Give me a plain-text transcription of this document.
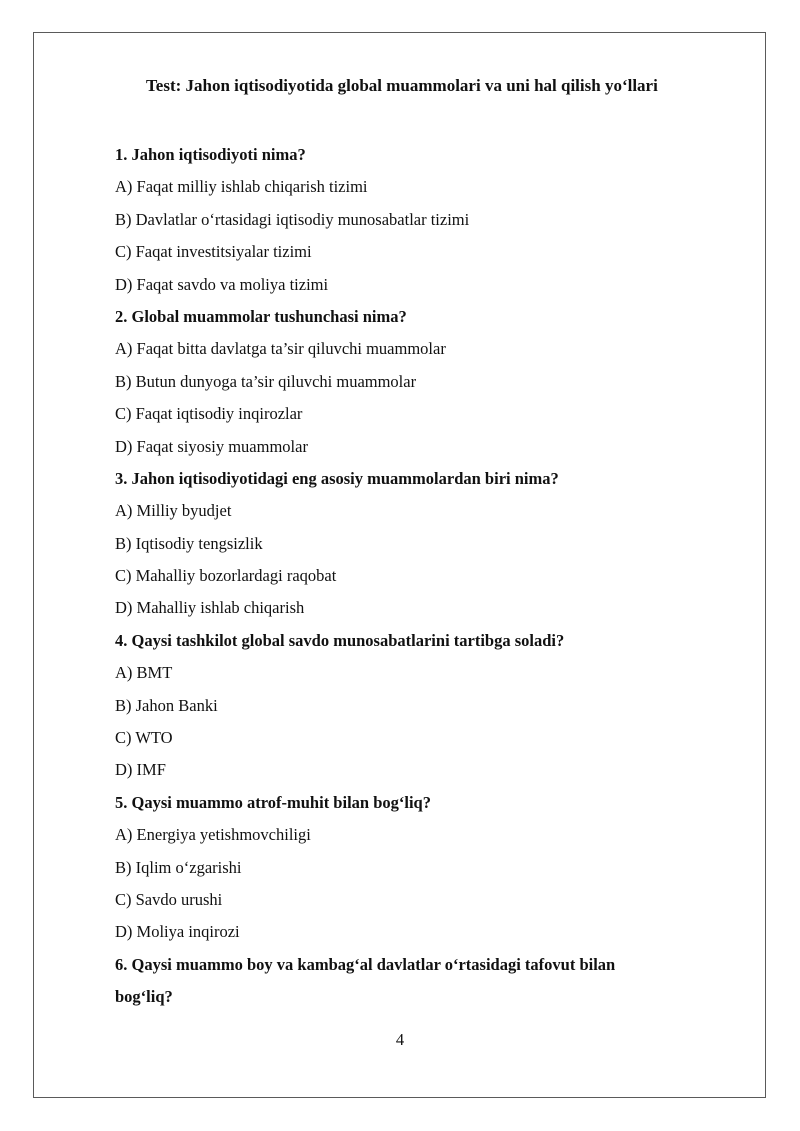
Test: Jahon iqtisodiyotida global muammolari va uni hal qilish yo‘llari
1. Jahon iqtisodiyoti nima?
A) Faqat milliy ishlab chiqarish tizimi
B) Davlatlar o‘rtasidagi iqtisodiy munosabatlar tizimi
C) Faqat investitsiyalar tizimi
D) Faqat savdo va moliya tizimi
2. Global muammolar tushunchasi nima?
A) Faqat bitta davlatga ta’sir qiluvchi muammolar
B) Butun dunyoga ta’sir qiluvchi muammolar
C) Faqat iqtisodiy inqirozlar
D) Faqat siyosiy muammolar
3. Jahon iqtisodiyotidagi eng asosiy muammolardan biri nima?
A) Milliy byudjet
B) Iqtisodiy tengsizlik
C) Mahalliy bozorlardagi raqobat
D) Mahalliy ishlab chiqarish
4. Qaysi tashkilot global savdo munosabatlarini tartibga soladi?
A) BMT
B) Jahon Banki
C) WTO
D) IMF
5. Qaysi muammo atrof-muhit bilan bog‘liq?
A) Energiya yetishmovchiligi
B) Iqlim o‘zgarishi
C) Savdo urushi
D) Moliya inqirozi
6. Qaysi muammo boy va kambag‘al davlatlar o‘rtasidagi tafovut bilan
bog‘liq?
4
